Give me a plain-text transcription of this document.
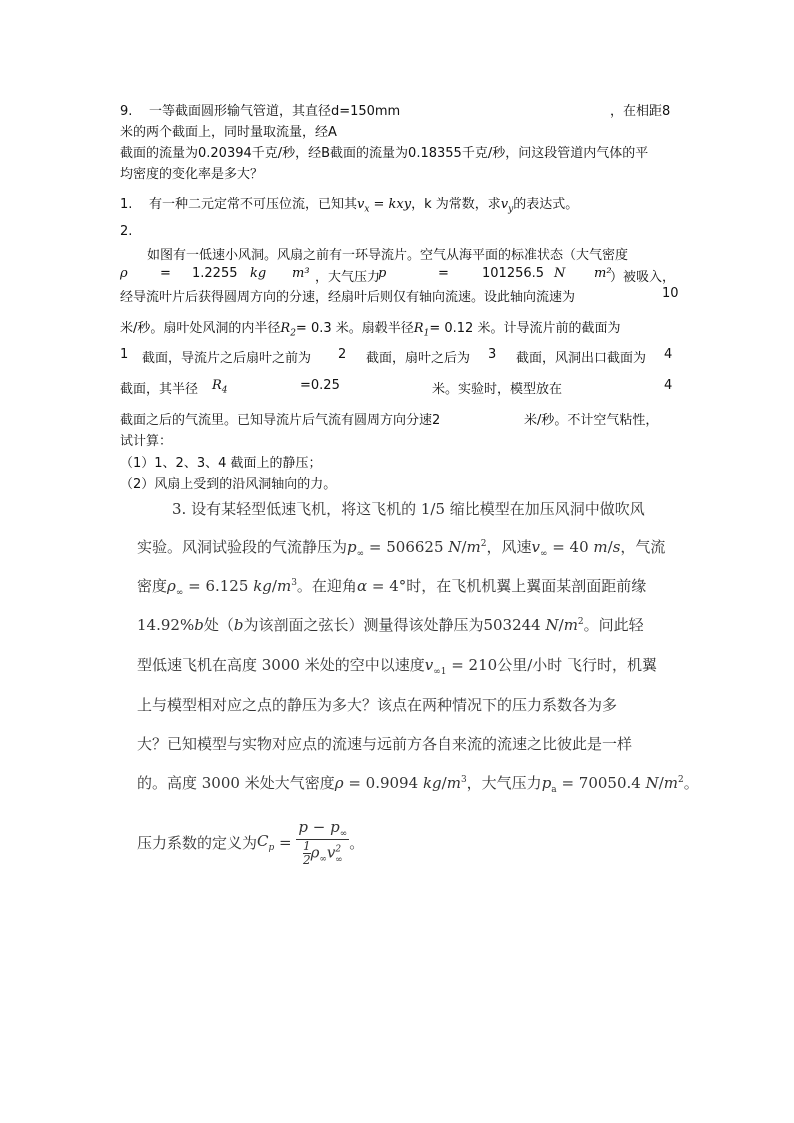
9. 一等截面圆形输气管道，其直径d=150mm	，在相距8
米的两个截面上，同时量取流量，经A
截面的流量为0.20394千克/秒，经B截面的流量为0.18355千克/秒，问这段管道内气体的平
均密度的变化率是多大？
1. 有一种二元定常不可压位流，已知其$v_x$ = kxy，k 为常数，求$v_y$的表达式。
2.
如图有一低速小风洞。风扇之前有一环导流片。空气从海平面的标准状态（大气密度
ρ = 1.2255 kg m³ ，大气压力
p	=	101256.5 N m²
）被吸入，
经导流叶片后获得圆周方向的分速，经扇叶后则仅有轴向流速。设此轴向流速为	10
米/秒。扇叶处风洞的内半径$R_2= 0.3$ 米。扇毂半径$R_1= 0.12$ 米。计导流片前的截面为
1 截面，导流片之后扇叶之前为 2 截面，扇叶之后为 3 截面，风洞出口截面为 4
截面，其半径 $R_4$	=0.25	米。实验时，模型放在	4
截面之后的气流里。已知导流片后气流有圆周方向分速2	米/秒。不计空气粘性，
试计算：
（1）1、2、3、4 截面上的静压；
（2）风扇上受到的沿风洞轴向的力。
3. 设有某轻型低速飞机，将这飞机的 1/5 缩比模型在加压风洞中做吹风
实验。风洞试验段的气流静压为$p_\infty = 506625$ $N/m^2$，风速$v_\infty = 40$ m/s，气流
密度$\rho_\infty = 6.125$ $kg/m^3$。在迎角α = 4°时，在飞机机翼上翼面某剖面距前缘
14.92%b处（b为该剖面之弦长）测量得该处静压为503244 $N/m^2$。问此轻
型低速飞机在高度 3000 米处的空中以速度$v_{\infty 1} = 210$公里/小时 飞行时，机翼
上与模型相对应之点的静压为多大？该点在两种情况下的压力系数各为多
大？已知模型与实物对应点的流速与远前方各自来流的流速之比彼此是一样
的。高度 3000 米处大气密度ρ = 0.9094 $kg/m^3$，大气压力$p_a = 70050.4$ $N/m^2$。
压力系数的定义为$C_p = \frac{p - p_\infty}{\frac{1}{2} \rho_\infty v^2_\infty}$ 。
